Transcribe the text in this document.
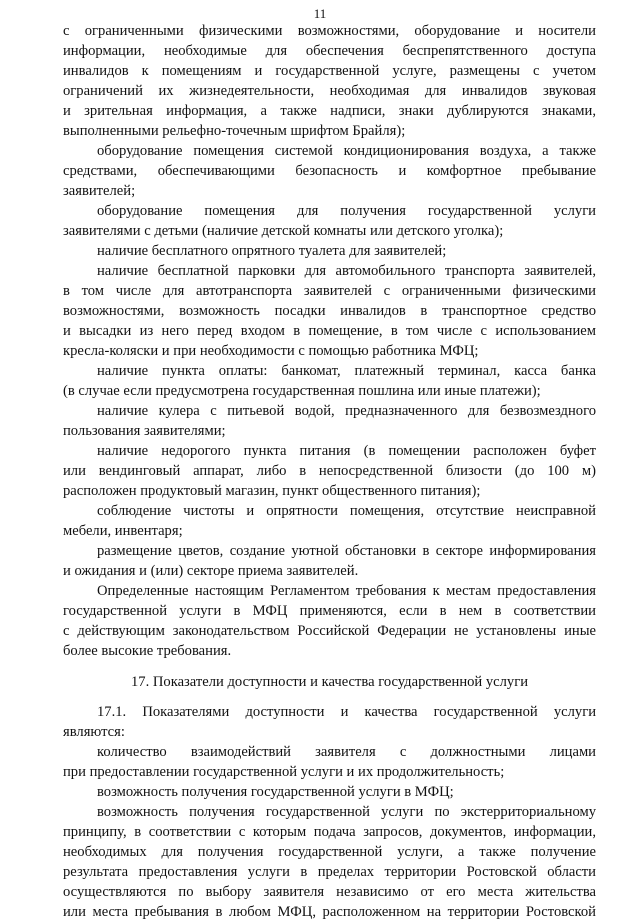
11
с ограниченными физическими возможностями, оборудование и носители
информации, необходимые для обеспечения беспрепятственного доступа
инвалидов к помещениям и государственной услуге, размещены с учетом
ограничений их жизнедеятельности, необходимая для инвалидов звуковая
и зрительная информация, а также надписи, знаки дублируются знаками,
выполненными рельефно-точечным шрифтом Брайля);
оборудование помещения системой кондиционирования воздуха, а также
средствами, обеспечивающими безопасность и комфортное пребывание
заявителей;
оборудование помещения для получения государственной услуги
заявителями с детьми (наличие детской комнаты или детского уголка);
наличие бесплатного опрятного туалета для заявителей;
наличие бесплатной парковки для автомобильного транспорта заявителей,
в том числе для автотранспорта заявителей с ограниченными физическими
возможностями, возможность посадки инвалидов в транспортное средство
и высадки из него перед входом в помещение, в том числе с использованием
кресла-коляски и при необходимости с помощью работника МФЦ;
наличие пункта оплаты: банкомат, платежный терминал, касса банка
(в случае если предусмотрена государственная пошлина или иные платежи);
наличие кулера с питьевой водой, предназначенного для безвозмездного
пользования заявителями;
наличие недорогого пункта питания (в помещении расположен буфет
или вендинговый аппарат, либо в непосредственной близости (до 100 м)
расположен продуктовый магазин, пункт общественного питания);
соблюдение чистоты и опрятности помещения, отсутствие неисправной
мебели, инвентаря;
размещение цветов, создание уютной обстановки в секторе информирования
и ожидания и (или) секторе приема заявителей.
Определенные настоящим Регламентом требования к местам предоставления
государственной услуги в МФЦ применяются, если в нем в соответствии
с действующим законодательством Российской Федерации не установлены иные
более высокие требования.
17. Показатели доступности и качества государственной услуги
17.1. Показателями доступности и качества государственной услуги
являются:
количество взаимодействий заявителя с должностными лицами
при предоставлении государственной услуги и их продолжительность;
возможность получения государственной услуги в МФЦ;
возможность получения государственной услуги по экстерриториальному
принципу, в соответствии с которым подача запросов, документов, информации,
необходимых для получения государственной услуги, а также получение
результата предоставления услуги в пределах территории Ростовской области
осуществляются по выбору заявителя независимо от его места жительства
или места пребывания в любом МФЦ, расположенном на территории Ростовской
